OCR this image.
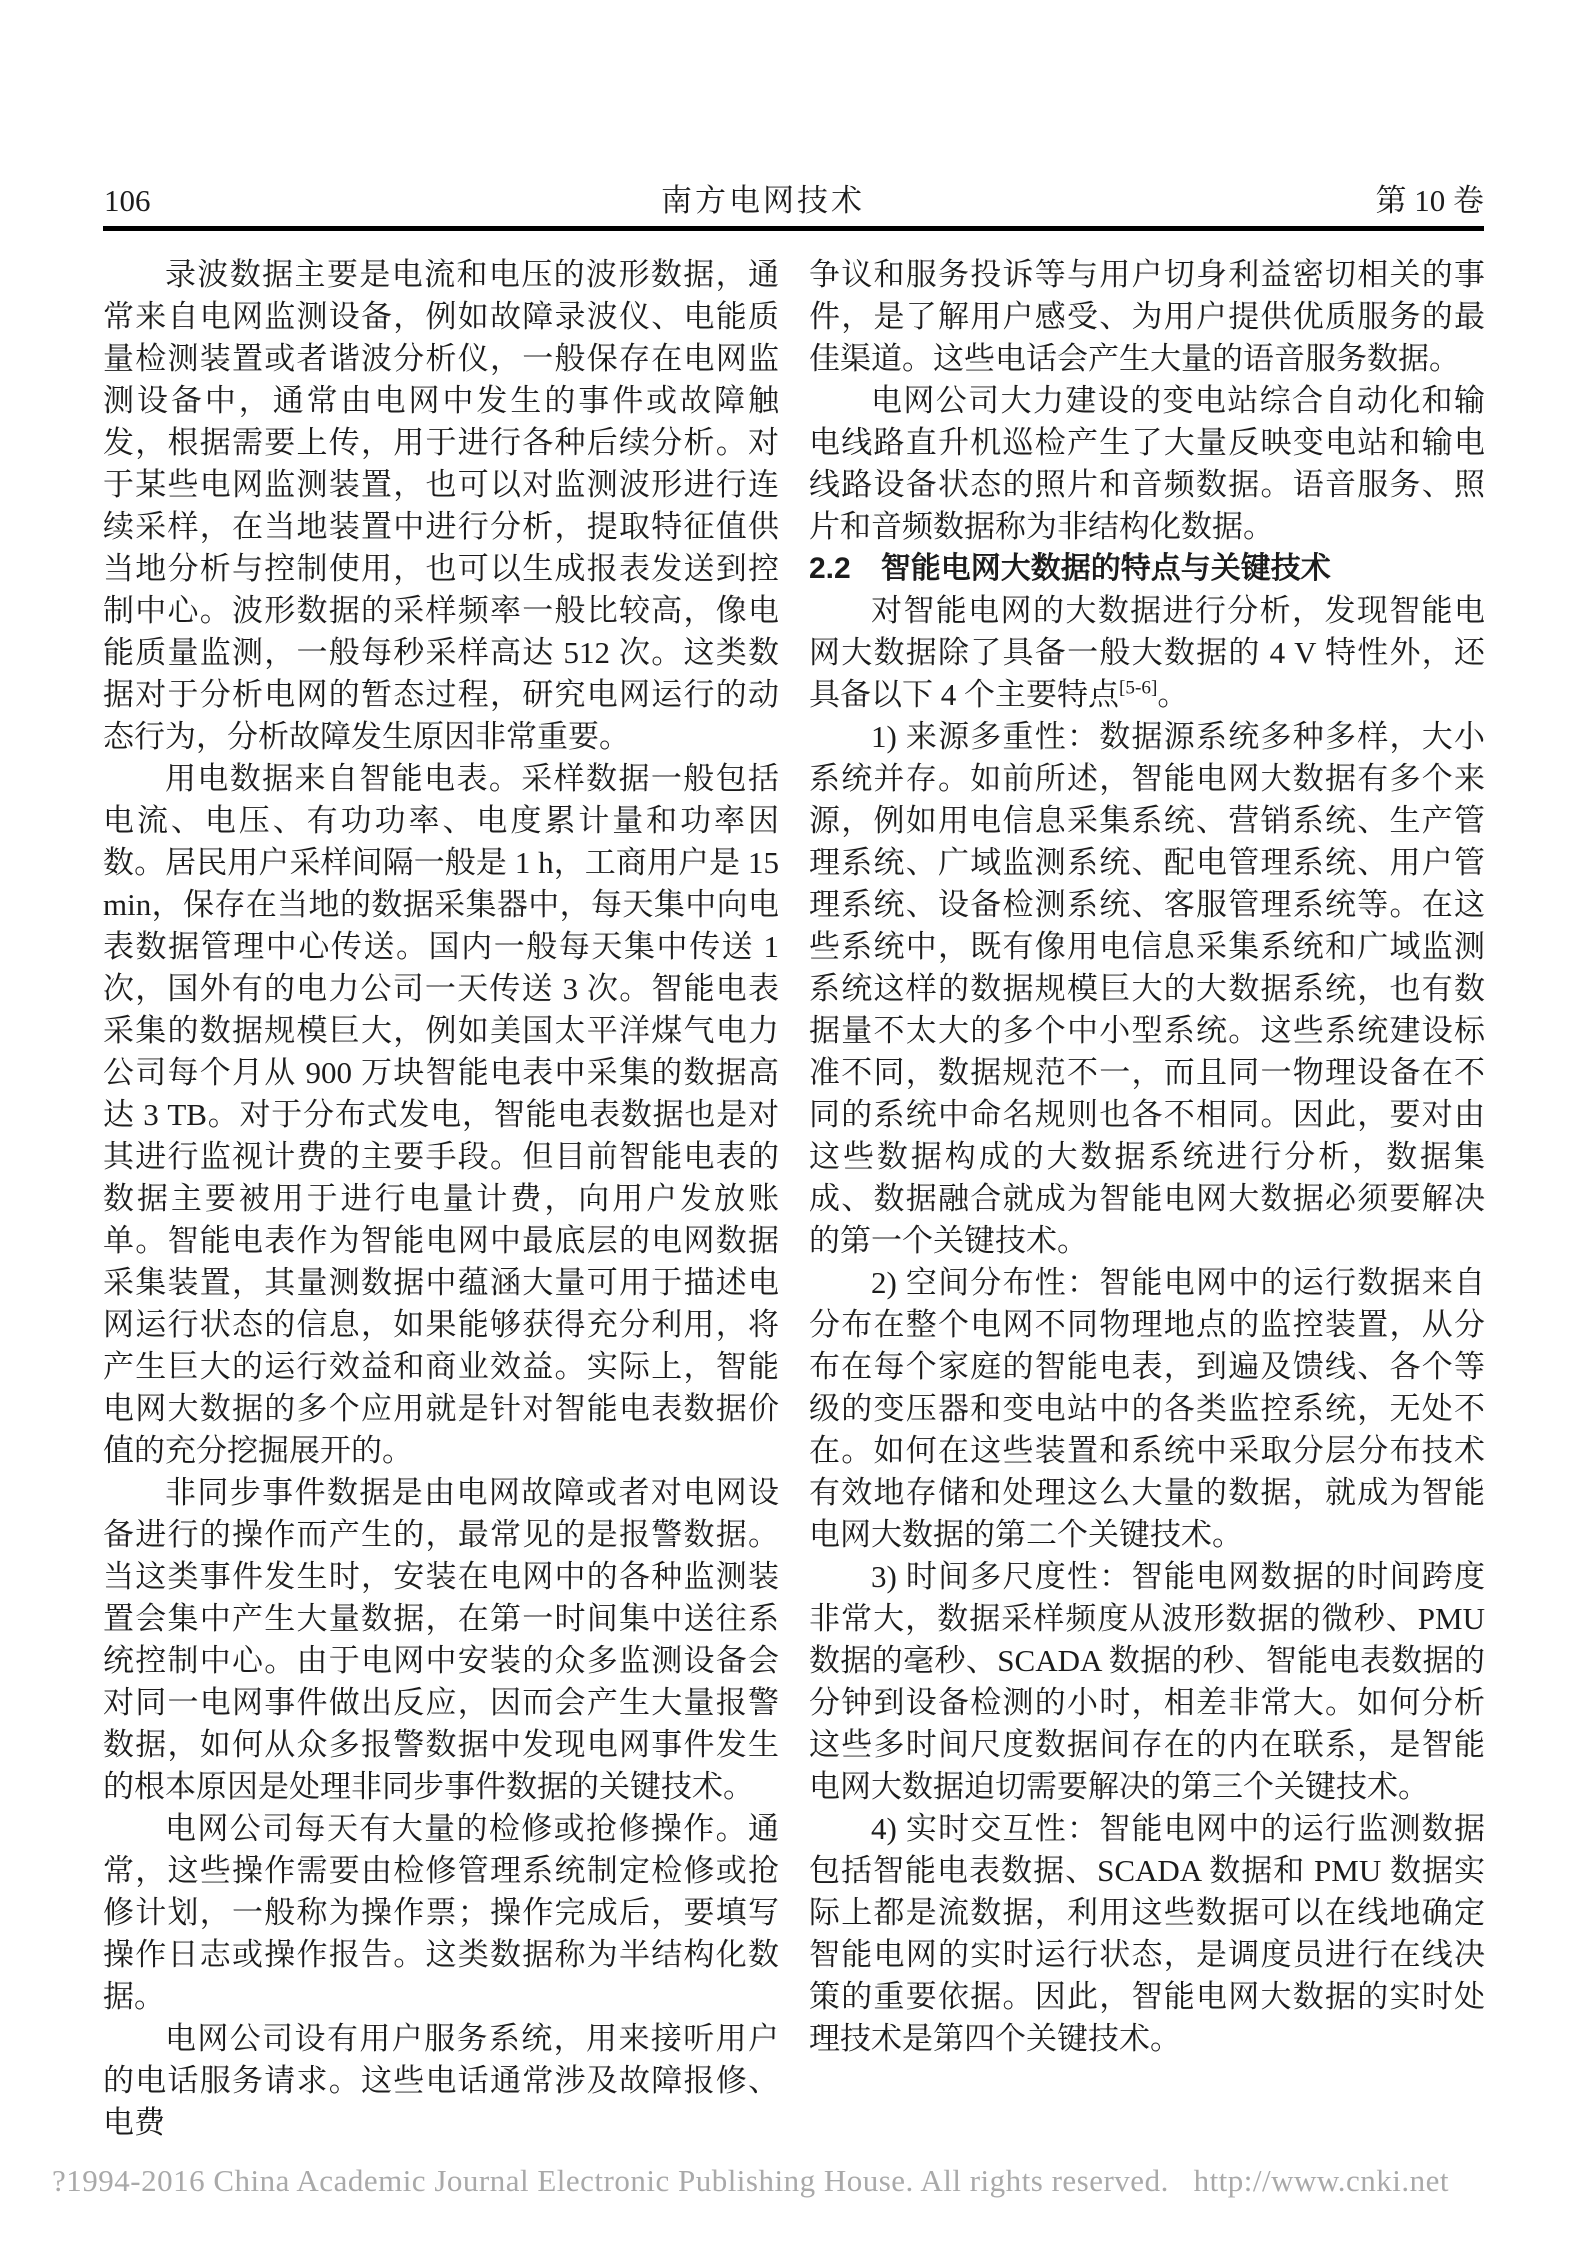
106	南方电网技术	第 10 卷

录波数据主要是电流和电压的波形数据，通常来自电网监测设备，例如故障录波仪、电能质量检测装置或者谐波分析仪，一般保存在电网监测设备中，通常由电网中发生的事件或故障触发，根据需要上传，用于进行各种后续分析。对于某些电网监测装置，也可以对监测波形进行连续采样，在当地装置中进行分析，提取特征值供当地分析与控制使用，也可以生成报表发送到控制中心。波形数据的采样频率一般比较高，像电能质量监测，一般每秒采样高达 512 次。这类数据对于分析电网的暂态过程，研究电网运行的动态行为，分析故障发生原因非常重要。

用电数据来自智能电表。采样数据一般包括电流、电压、有功功率、电度累计量和功率因数。居民用户采样间隔一般是 1 h，工商用户是 15 min，保存在当地的数据采集器中，每天集中向电表数据管理中心传送。国内一般每天集中传送 1 次，国外有的电力公司一天传送 3 次。智能电表采集的数据规模巨大，例如美国太平洋煤气电力公司每个月从 900 万块智能电表中采集的数据高达 3 TB。对于分布式发电，智能电表数据也是对其进行监视计费的主要手段。但目前智能电表的数据主要被用于进行电量计费，向用户发放账单。智能电表作为智能电网中最底层的电网数据采集装置，其量测数据中蕴涵大量可用于描述电网运行状态的信息，如果能够获得充分利用，将产生巨大的运行效益和商业效益。实际上，智能电网大数据的多个应用就是针对智能电表数据价值的充分挖掘展开的。

非同步事件数据是由电网故障或者对电网设备进行的操作而产生的，最常见的是报警数据。当这类事件发生时，安装在电网中的各种监测装置会集中产生大量数据，在第一时间集中送往系统控制中心。由于电网中安装的众多监测设备会对同一电网事件做出反应，因而会产生大量报警数据，如何从众多报警数据中发现电网事件发生的根本原因是处理非同步事件数据的关键技术。

电网公司每天有大量的检修或抢修操作。通常，这些操作需要由检修管理系统制定检修或抢修计划，一般称为操作票；操作完成后，要填写操作日志或操作报告。这类数据称为半结构化数据。

电网公司设有用户服务系统，用来接听用户的电话服务请求。这些电话通常涉及故障报修、电费

争议和服务投诉等与用户切身利益密切相关的事件，是了解用户感受、为用户提供优质服务的最佳渠道。这些电话会产生大量的语音服务数据。

电网公司大力建设的变电站综合自动化和输电线路直升机巡检产生了大量反映变电站和输电线路设备状态的照片和音频数据。语音服务、照片和音频数据称为非结构化数据。

2.2　智能电网大数据的特点与关键技术

对智能电网的大数据进行分析，发现智能电网大数据除了具备一般大数据的 4 V 特性外，还具备以下 4 个主要特点[5-6]。

1) 来源多重性：数据源系统多种多样，大小系统并存。如前所述，智能电网大数据有多个来源，例如用电信息采集系统、营销系统、生产管理系统、广域监测系统、配电管理系统、用户管理系统、设备检测系统、客服管理系统等。在这些系统中，既有像用电信息采集系统和广域监测系统这样的数据规模巨大的大数据系统，也有数据量不太大的多个中小型系统。这些系统建设标准不同，数据规范不一，而且同一物理设备在不同的系统中命名规则也各不相同。因此，要对由这些数据构成的大数据系统进行分析，数据集成、数据融合就成为智能电网大数据必须要解决的第一个关键技术。

2) 空间分布性：智能电网中的运行数据来自分布在整个电网不同物理地点的监控装置，从分布在每个家庭的智能电表，到遍及馈线、各个等级的变压器和变电站中的各类监控系统，无处不在。如何在这些装置和系统中采取分层分布技术有效地存储和处理这么大量的数据，就成为智能电网大数据的第二个关键技术。

3) 时间多尺度性：智能电网数据的时间跨度非常大，数据采样频度从波形数据的微秒、PMU 数据的毫秒、SCADA 数据的秒、智能电表数据的分钟到设备检测的小时，相差非常大。如何分析这些多时间尺度数据间存在的内在联系，是智能电网大数据迫切需要解决的第三个关键技术。

4) 实时交互性：智能电网中的运行监测数据包括智能电表数据、SCADA 数据和 PMU 数据实际上都是流数据，利用这些数据可以在线地确定智能电网的实时运行状态，是调度员进行在线决策的重要依据。因此，智能电网大数据的实时处理技术是第四个关键技术。

?1994-2016 China Academic Journal Electronic Publishing House. All rights reserved.   http://www.cnki.net
